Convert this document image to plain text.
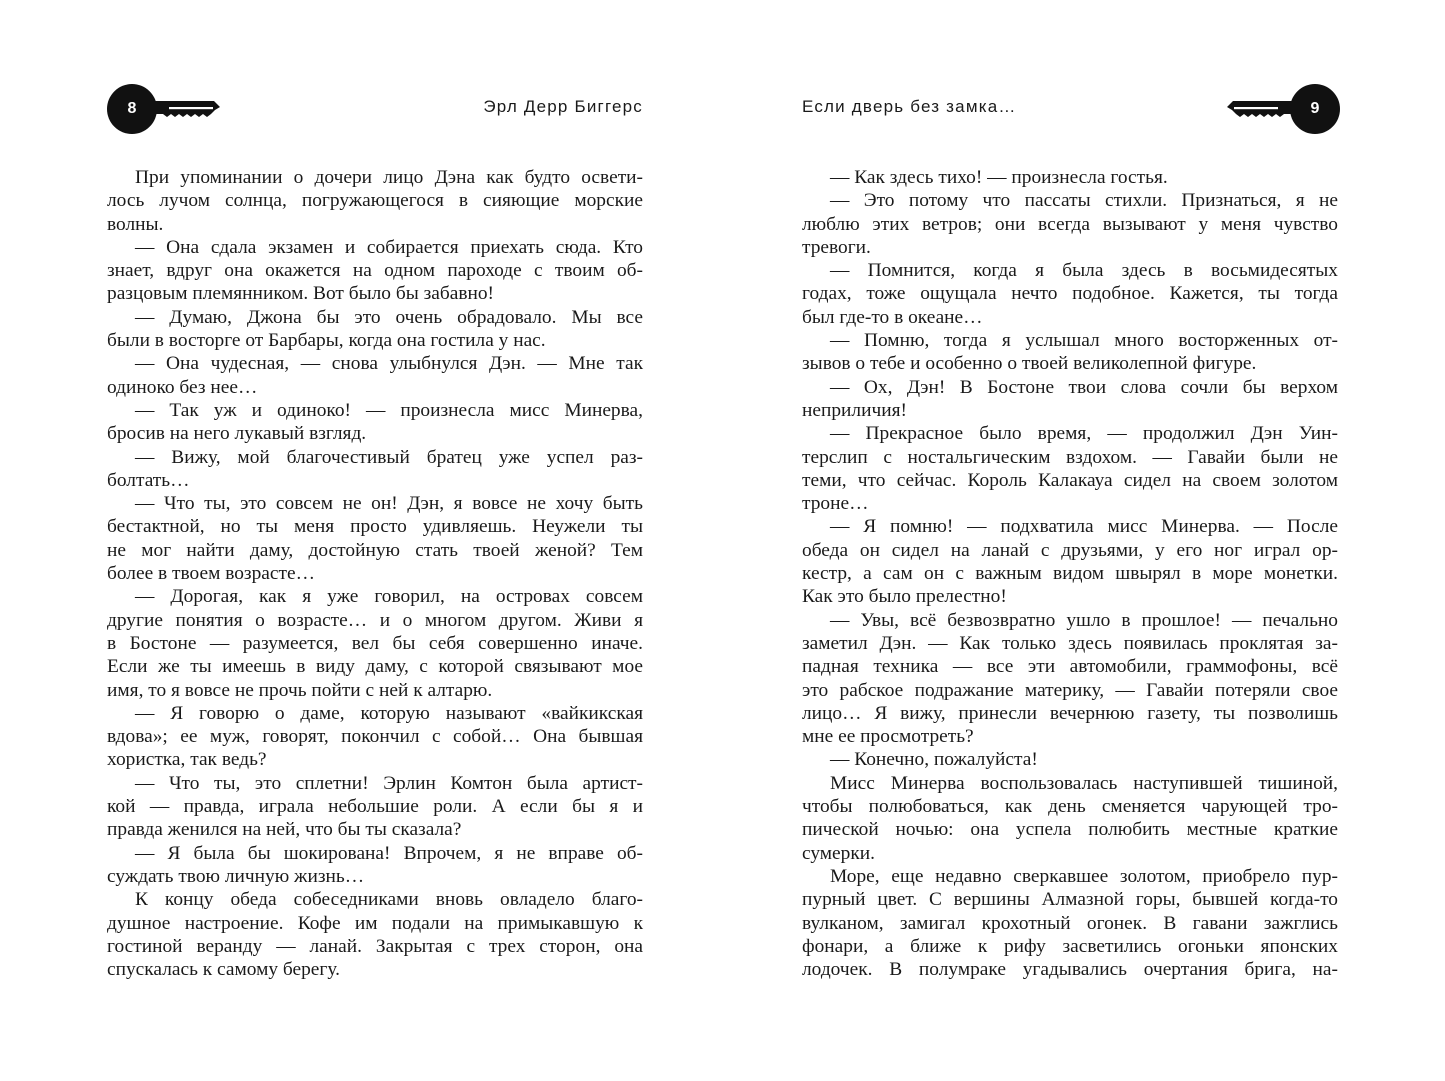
8	Эрл Дерр Биггерс
При упоминании о дочери лицо Дэна как будто освети-
лось лучом солнца, погружающегося в сияющие морские
волны.
— Она сдала экзамен и собирается приехать сюда. Кто
знает, вдруг она окажется на одном пароходе с твоим об-
разцовым племянником. Вот было бы забавно!
— Думаю, Джона бы это очень обрадовало. Мы все
были в восторге от Барбары, когда она гостила у нас.
— Она чудесная, — снова улыбнулся Дэн. — Мне так
одиноко без нее…
— Так уж и одиноко! — произнесла мисс Минерва,
бросив на него лукавый взгляд.
— Вижу, мой благочестивый братец уже успел раз-
болтать…
— Что ты, это совсем не он! Дэн, я вовсе не хочу быть
бестактной, но ты меня просто удивляешь. Неужели ты
не мог найти даму, достойную стать твоей женой? Тем
более в твоем возрасте…
— Дорогая, как я уже говорил, на островах совсем
другие понятия о возрасте… и о многом другом. Живи я
в Бостоне — разумеется, вел бы себя совершенно иначе.
Если же ты имеешь в виду даму, с которой связывают мое
имя, то я вовсе не прочь пойти с ней к алтарю.
— Я говорю о даме, которую называют «вайкикская
вдова»; ее муж, говорят, покончил с собой… Она бывшая
хористка, так ведь?
— Что ты, это сплетни! Эрлин Комтон была артист-
кой — правда, играла небольшие роли. А если бы я и
правда женился на ней, что бы ты сказала?
— Я была бы шокирована! Впрочем, я не вправе об-
суждать твою личную жизнь…
К концу обеда собеседниками вновь овладело благо-
душное настроение. Кофе им подали на примыкавшую к
гостиной веранду — ланай. Закрытая с трех сторон, она
спускалась к самому берегу.
Если дверь без замка…	9
— Как здесь тихо! — произнесла гостья.
— Это потому что пассаты стихли. Признаться, я не
люблю этих ветров; они всегда вызывают у меня чувство
тревоги.
— Помнится, когда я была здесь в восьмидесятых
годах, тоже ощущала нечто подобное. Кажется, ты тогда
был где-то в океане…
— Помню, тогда я услышал много восторженных от-
зывов о тебе и особенно о твоей великолепной фигуре.
— Ох, Дэн! В Бостоне твои слова сочли бы верхом
неприличия!
— Прекрасное было время, — продолжил Дэн Уин-
терслип с ностальгическим вздохом. — Гавайи были не
теми, что сейчас. Король Калакауа сидел на своем золотом
троне…
— Я помню! — подхватила мисс Минерва. — После
обеда он сидел на ланай с друзьями, у его ног играл ор-
кестр, а сам он с важным видом швырял в море монетки.
Как это было прелестно!
— Увы, всё безвозвратно ушло в прошлое! — печально
заметил Дэн. — Как только здесь появилась проклятая за-
падная техника — все эти автомобили, граммофоны, всё
это рабское подражание материку, — Гавайи потеряли свое
лицо… Я вижу, принесли вечернюю газету, ты позволишь
мне ее просмотреть?
— Конечно, пожалуйста!
Мисс Минерва воспользовалась наступившей тишиной,
чтобы полюбоваться, как день сменяется чарующей тро-
пической ночью: она успела полюбить местные краткие
сумерки.
Море, еще недавно сверкавшее золотом, приобрело пур-
пурный цвет. С вершины Алмазной горы, бывшей когда-то
вулканом, замигал крохотный огонек. В гавани зажглись
фонари, а ближе к рифу засветились огоньки японских
лодочек. В полумраке угадывались очертания брига, на-
